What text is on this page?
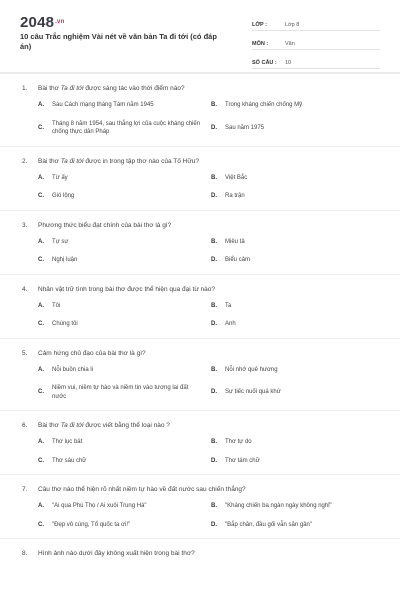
$2048^{.vn}$
10 câu Trắc nghiệm Vài nét về văn bản Ta đi tới (có đáp án)
LỚP :	Lớp 8
MÔN :	Văn
SỐ CÂU :	10
1.	Bài thơ Ta đi tới được sáng tác vào thời điểm nào?
A.	Sau Cách mạng tháng Tám năm 1945	B.	Trong kháng chiến chống Mỹ
C.
Tháng 8 năm 1954, sau thắng lợi của cuộc kháng chiến chống thực dân Pháp
D.	Sau năm 1975
2.	Bài thơ Ta đi tới được in trong tập thơ nào của Tố Hữu?
A.	Từ ấy	B.	Việt Bắc
C.	Gió lộng	D.	Ra trận
3.	Phương thức biểu đạt chính của bài thơ là gì?
A.	Tự sự	B.	Miêu tả
C.	Nghị luận	D.	Biểu cảm
4.	Nhân vật trữ tình trong bài thơ được thể hiện qua đại từ nào?
A.	Tôi	B.	Ta
C.	Chúng tôi	D.	Anh
5.	Cảm hứng chủ đạo của bài thơ là gì?
A.	Nỗi buồn chia li	B.	Nỗi nhớ quê hương
C.
Niềm vui, niềm tự hào và niềm tin vào tương lai đất nước
D.	Sự tiếc nuối quá khứ
6.	Bài thơ Ta đi tới được viết bằng thể loại nào ?
A.	Thơ lục bát	B.	Thơ tự do
C.	Thơ sáu chữ	D.	Thơ tám chữ
7.	Câu thơ nào thể hiện rõ nhất niềm tự hào về đất nước sau chiến thắng?
A.	"Ai qua Phú Thọ / Ai xuôi Trung Hà"	B.	"Kháng chiến ba ngàn ngày không nghỉ"
C.	"Đẹp vô cùng, Tổ quốc ta ơi!"	D.	"Bắp chân, đầu gối vẫn săn gân"
8.	Hình ảnh nào dưới đây không xuất hiện trong bài thơ?
